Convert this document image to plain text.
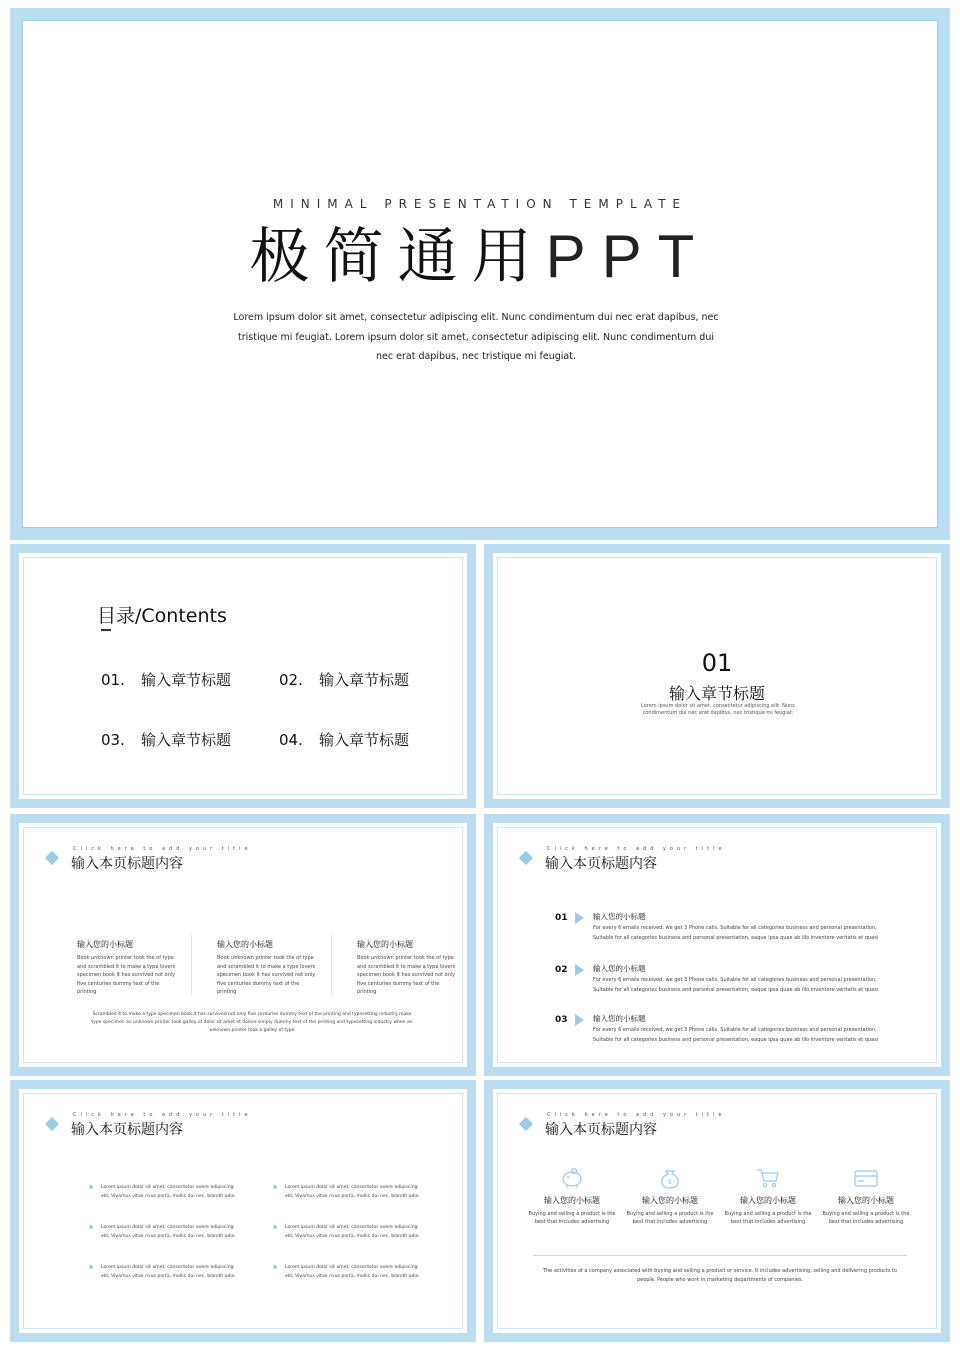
MINIMAL PRESENTATION TEMPLATE
极简通用PPT
Lorem ipsum dolor sit amet, consectetur adipiscing elit. Nunc condimentum dui nec erat dapibus, nec tristique mi feugiat. Lorem ipsum dolor sit amet, consectetur adipiscing elit. Nunc condimentum dui nec erat dapibus, nec tristique mi feugiat.
目录/Contents
01. 输入章节标题	02. 输入章节标题
03. 输入章节标题	04. 输入章节标题
01
输入章节标题
Lorem ipsum dolor sit amet, consectetur adipiscing elit. Nunc condimentum dui nec erat dapibus, nec tristique mi feugiat.
Click here to add your title
输入本页标题内容
输入您的小标题
Book unknown printer took the of type and scrambled it to make a type lovers specimen book It has survived not only five centuries dummy text of the printing
输入您的小标题
Book unknown printer took the of type and scrambled it to make a type lovers specimen book It has survived not only five centuries dummy text of the printing
输入您的小标题
Book unknown printer took the of type and scrambled it to make a type lovers specimen book It has survived not only five centuries dummy text of the printing
Scrambled it to make a type specimen book It has survived not only five centuries dummy text of the printing and typesetting industry make type specimen an unknown printer took galley of dolor sit amet et dolore simply dummy text of the printing and typesetting industry when an unknown printer took a galley of type
Click here to add your title
输入本页标题内容
01	输入您的小标题
For every 6 emails received, we get 3 Phone calls. Suitable for all categories business and personal presentation, Suitable for all categories business and personal presentation, eaque ipsa quae ab illo inventore veritatis et quasi
02	输入您的小标题
For every 6 emails received, we get 3 Phone calls. Suitable for all categories business and personal presentation, Suitable for all categories business and personal presentation, eaque ipsa quae ab illo inventore veritatis et quasi
03	输入您的小标题
For every 6 emails received, we get 3 Phone calls. Suitable for all categories business and personal presentation, Suitable for all categories business and personal presentation, eaque ipsa quae ab illo inventore veritatis et quasi
Click here to add your title
输入本页标题内容
Lorem ipsum dolor sit amet, consectetur avere adipiscing elit. Vivamus vitae risus porta, mollis dui nec, blandit odio.
Lorem ipsum dolor sit amet, consectetur avere adipiscing elit. Vivamus vitae risus porta, mollis dui nec, blandit odio.
Lorem ipsum dolor sit amet, consectetur avere adipiscing elit. Vivamus vitae risus porta, mollis dui nec, blandit odio.
Lorem ipsum dolor sit amet, consectetur avere adipiscing elit. Vivamus vitae risus porta, mollis dui nec, blandit odio.
Lorem ipsum dolor sit amet, consectetur avere adipiscing elit. Vivamus vitae risus porta, mollis dui nec, blandit odio.
Lorem ipsum dolor sit amet, consectetur avere adipiscing elit. Vivamus vitae risus porta, mollis dui nec, blandit odio.
Click here to add your title
输入本页标题内容
输入您的小标题
Buying and selling a product is the best that includes advertising
$
输入您的小标题
Buying and selling a product is the best that includes advertising
输入您的小标题
Buying and selling a product is the best that includes advertising
输入您的小标题
Buying and selling a product is the best that includes advertising
The activities of a company associated with buying and selling a product or service. It includes advertising, selling and delivering products to people. People who work in marketing departments of companies.
